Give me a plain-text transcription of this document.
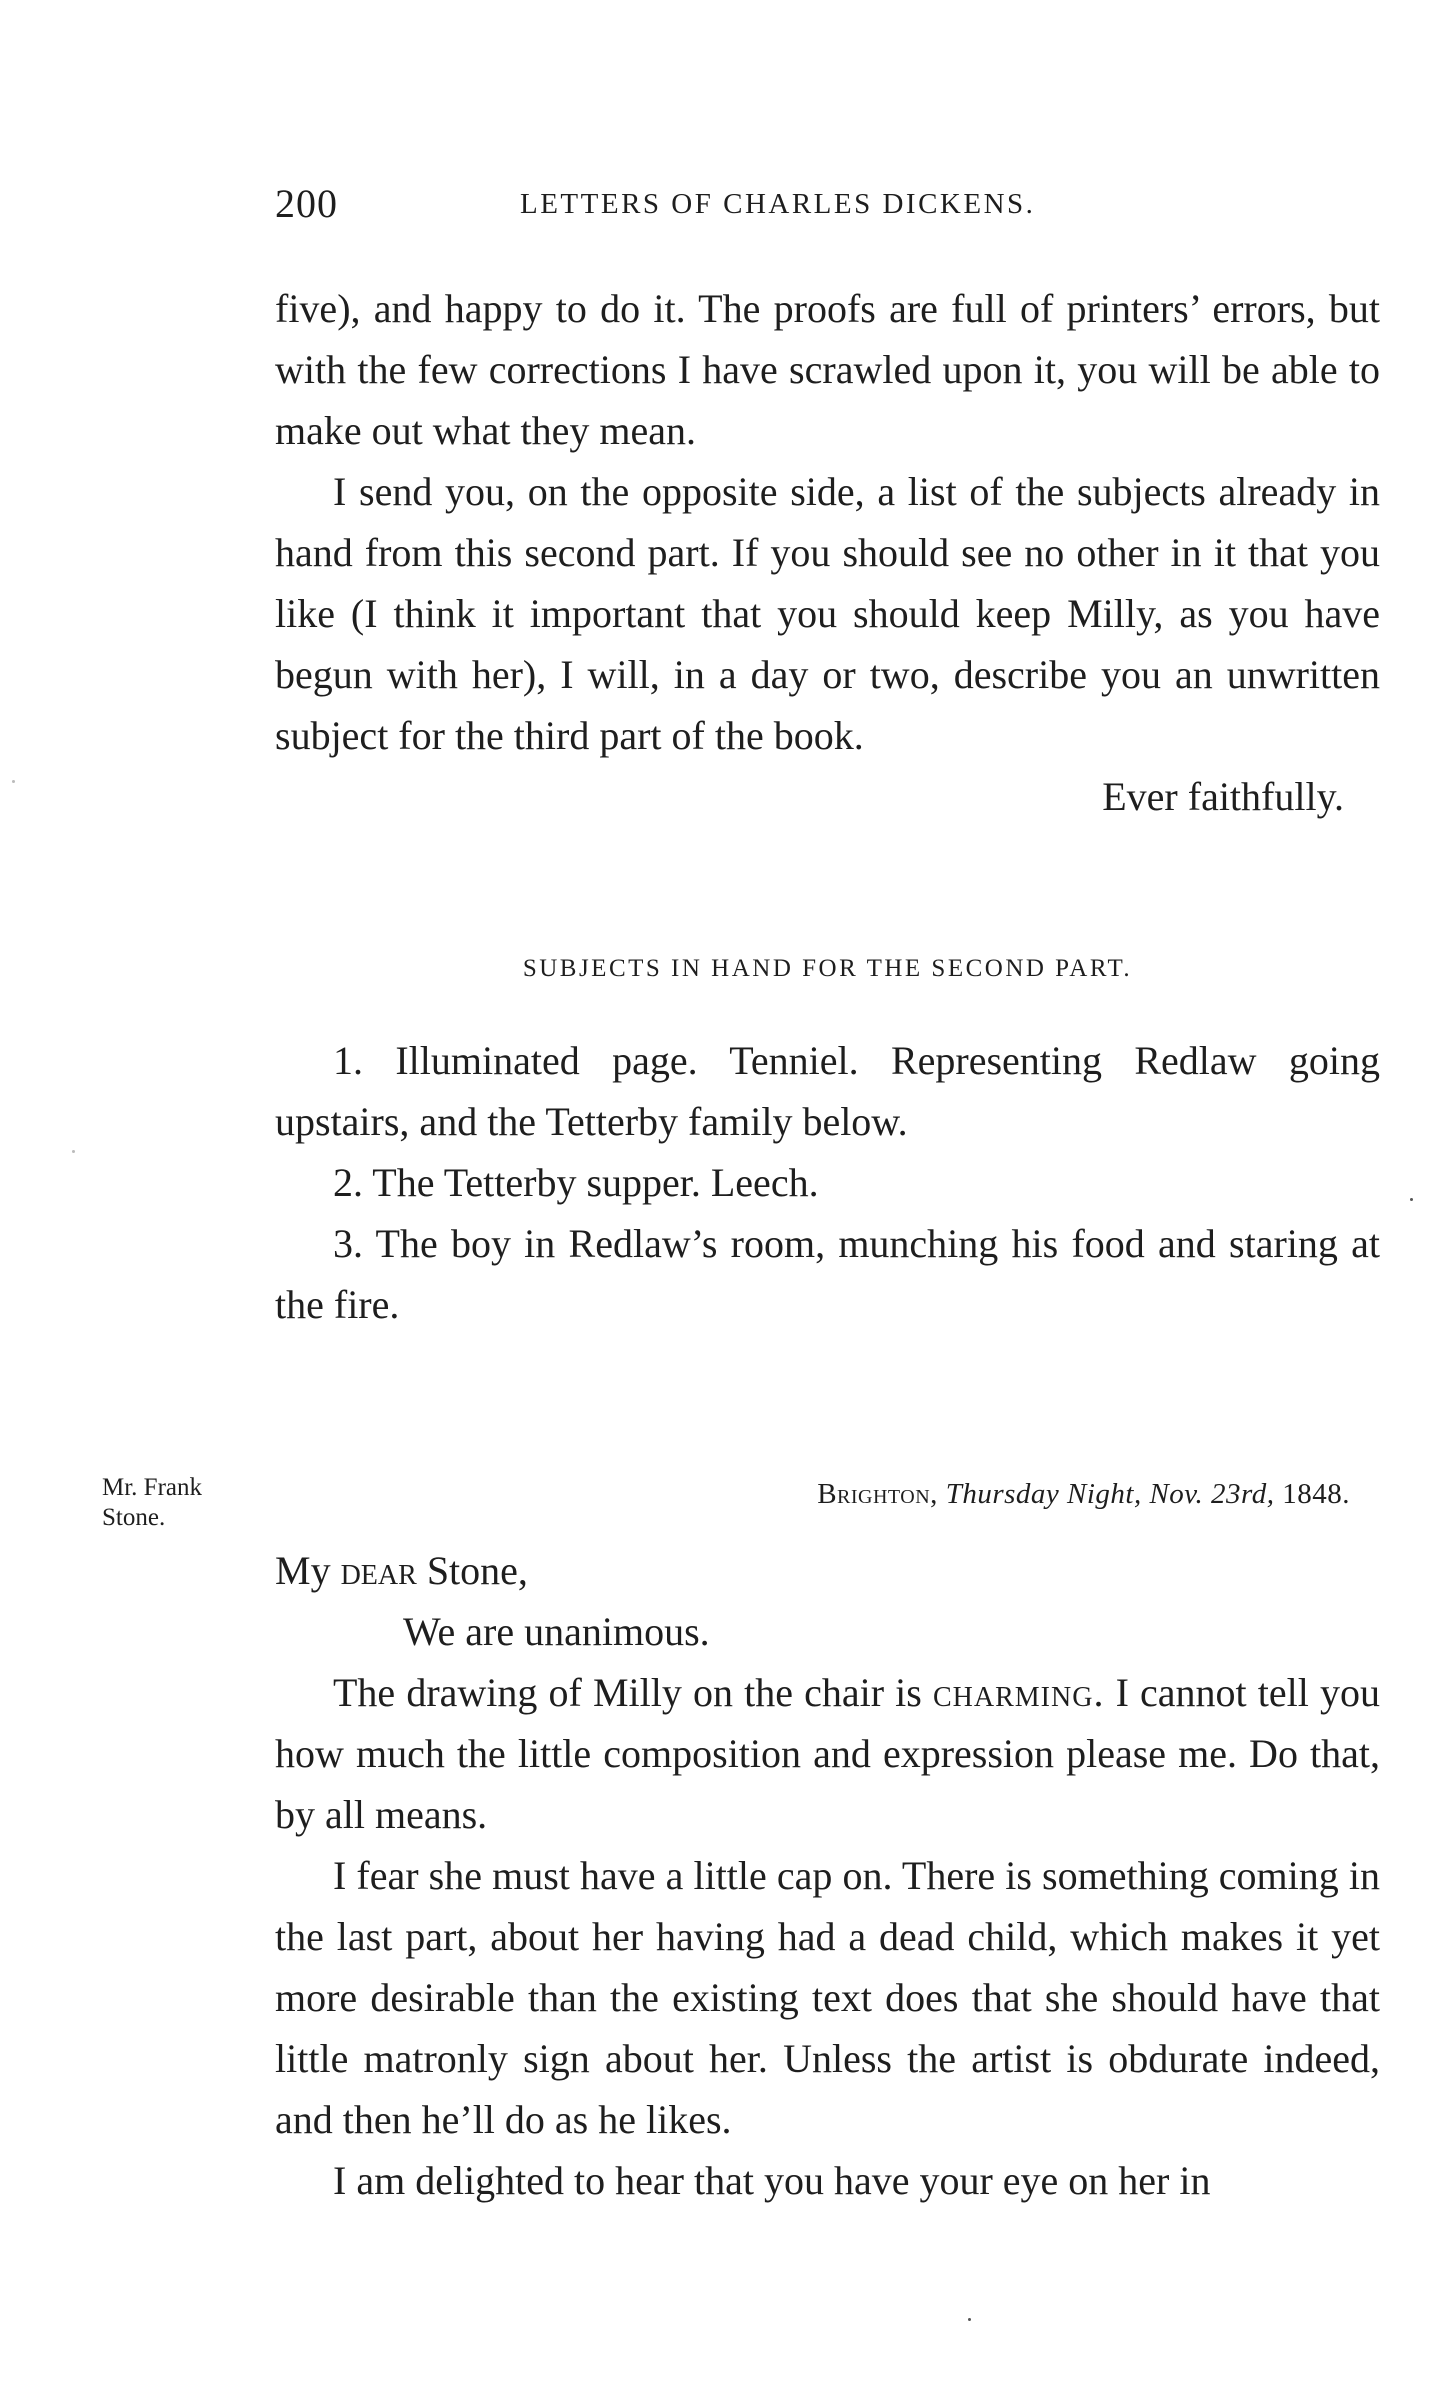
200	LETTERS OF CHARLES DICKENS.

five), and happy to do it. The proofs are full of printers’ errors, but with the few corrections I have scrawled upon it, you will be able to make out what they mean.

I send you, on the opposite side, a list of the subjects already in hand from this second part. If you should see no other in it that you like (I think it important that you should keep Milly, as you have begun with her), I will, in a day or two, describe you an unwritten subject for the third part of the book.

Ever faithfully.

SUBJECTS IN HAND FOR THE SECOND PART.

1. Illuminated page. Tenniel. Representing Redlaw going upstairs, and the Tetterby family below.

2. The Tetterby supper. Leech.

3. The boy in Redlaw’s room, munching his food and staring at the fire.

Mr. Frank
Stone.
Brighton, Thursday Night, Nov. 23rd, 1848.

My dear Stone,

We are unanimous.

The drawing of Milly on the chair is charming. I cannot tell you how much the little composition and expression please me. Do that, by all means.

I fear she must have a little cap on. There is something coming in the last part, about her having had a dead child, which makes it yet more desirable than the existing text does that she should have that little matronly sign about her. Unless the artist is obdurate indeed, and then he’ll do as he likes.

I am delighted to hear that you have your eye on her in
